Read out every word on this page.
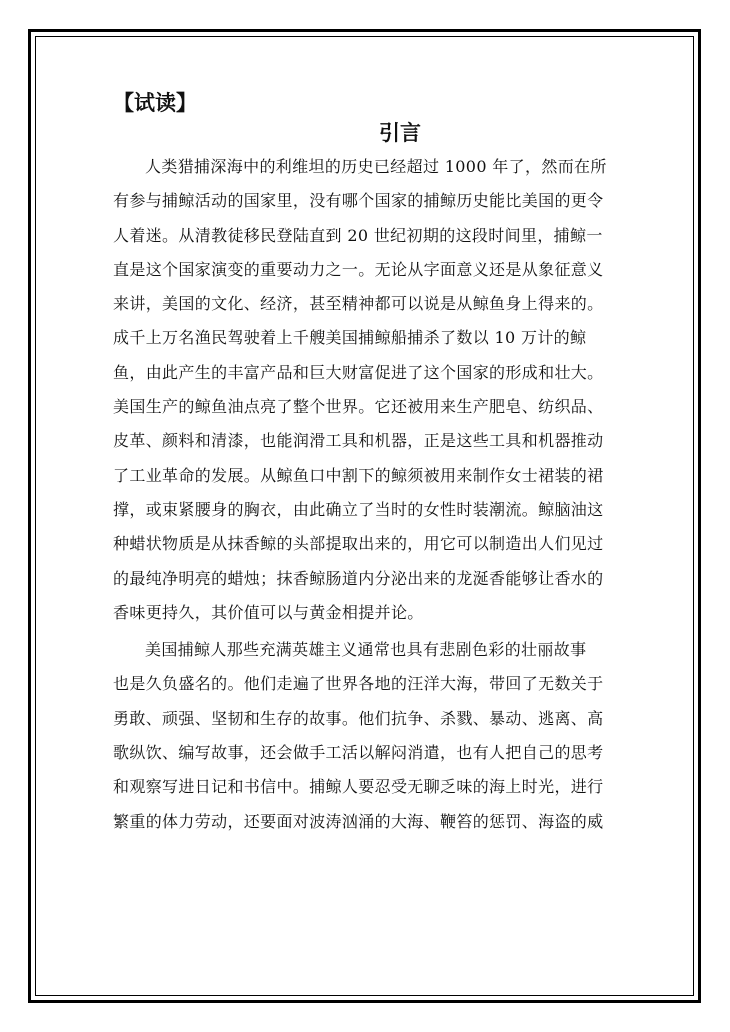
【试读】
引言
人类猎捕深海中的利维坦的历史已经超过 1000 年了，然而在所
有参与捕鲸活动的国家里，没有哪个国家的捕鲸历史能比美国的更令
人着迷。从清教徒移民登陆直到 20 世纪初期的这段时间里，捕鲸一
直是这个国家演变的重要动力之一。无论从字面意义还是从象征意义
来讲，美国的文化、经济，甚至精神都可以说是从鲸鱼身上得来的。
成千上万名渔民驾驶着上千艘美国捕鲸船捕杀了数以 10 万计的鲸
鱼，由此产生的丰富产品和巨大财富促进了这个国家的形成和壮大。
美国生产的鲸鱼油点亮了整个世界。它还被用来生产肥皂、纺织品、
皮革、颜料和清漆，也能润滑工具和机器，正是这些工具和机器推动
了工业革命的发展。从鲸鱼口中割下的鲸须被用来制作女士裙装的裙
撑，或束紧腰身的胸衣，由此确立了当时的女性时装潮流。鲸脑油这
种蜡状物质是从抹香鲸的头部提取出来的，用它可以制造出人们见过
的最纯净明亮的蜡烛；抹香鲸肠道内分泌出来的龙涎香能够让香水的
香味更持久，其价值可以与黄金相提并论。
美国捕鲸人那些充满英雄主义通常也具有悲剧色彩的壮丽故事
也是久负盛名的。他们走遍了世界各地的汪洋大海，带回了无数关于
勇敢、顽强、坚韧和生存的故事。他们抗争、杀戮、暴动、逃离、高
歌纵饮、编写故事，还会做手工活以解闷消遣，也有人把自己的思考
和观察写进日记和书信中。捕鲸人要忍受无聊乏味的海上时光，进行
繁重的体力劳动，还要面对波涛汹涌的大海、鞭笞的惩罚、海盗的威
